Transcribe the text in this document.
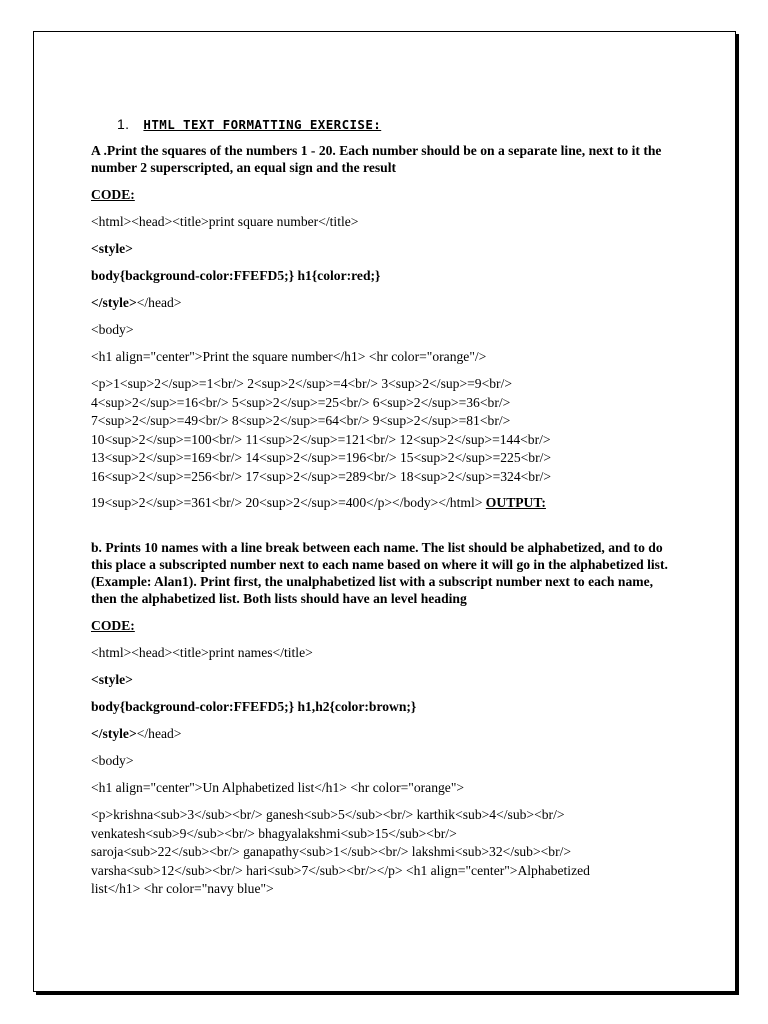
1. HTML TEXT FORMATTING EXERCISE:

A .Print the squares of the numbers 1 - 20. Each number should be on a separate line, next to it the number 2 superscripted, an equal sign and the result

CODE:

<html><head><title>print square number</title>

<style>

body{background-color:FFEFD5;} h1{color:red;}

</style></head>

<body>

<h1 align="center">Print the square number</h1> <hr color="orange"/>

<p>1<sup>2</sup>=1<br/> 2<sup>2</sup>=4<br/> 3<sup>2</sup>=9<br/>
4<sup>2</sup>=16<br/> 5<sup>2</sup>=25<br/> 6<sup>2</sup>=36<br/>
7<sup>2</sup>=49<br/> 8<sup>2</sup>=64<br/> 9<sup>2</sup>=81<br/>
10<sup>2</sup>=100<br/> 11<sup>2</sup>=121<br/> 12<sup>2</sup>=144<br/>
13<sup>2</sup>=169<br/> 14<sup>2</sup>=196<br/> 15<sup>2</sup>=225<br/>
16<sup>2</sup>=256<br/> 17<sup>2</sup>=289<br/> 18<sup>2</sup>=324<br/>

19<sup>2</sup>=361<br/> 20<sup>2</sup>=400</p></body></html> OUTPUT:

b. Prints 10 names with a line break between each name. The list should be alphabetized, and to do this place a subscripted number next to each name based on where it will go in the alphabetized list. (Example: Alan1). Print first, the unalphabetized list with a subscript number next to each name, then the alphabetized list. Both lists should have an level heading

CODE:

<html><head><title>print names</title>

<style>

body{background-color:FFEFD5;} h1,h2{color:brown;}

</style></head>

<body>

<h1 align="center">Un Alphabetized list</h1> <hr color="orange">

<p>krishna<sub>3</sub><br/> ganesh<sub>5</sub><br/> karthik<sub>4</sub><br/>
venkatesh<sub>9</sub><br/> bhagyalakshmi<sub>15</sub><br/>
saroja<sub>22</sub><br/> ganapathy<sub>1</sub><br/> lakshmi<sub>32</sub><br/>
varsha<sub>12</sub><br/> hari<sub>7</sub><br/></p> <h1 align="center">Alphabetized
list</h1> <hr color="navy blue">
